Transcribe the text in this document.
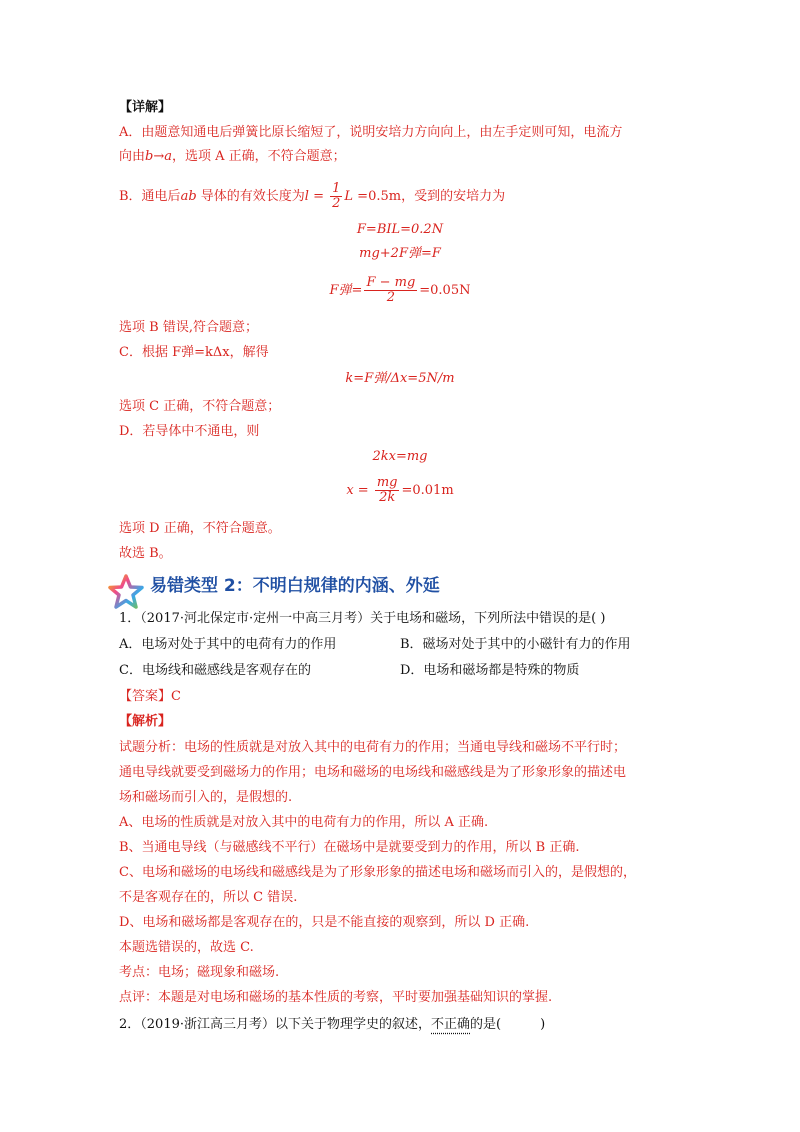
【详解】
A．由题意知通电后弹簧比原长缩短了，说明安培力方向向上，由左手定则可知，电流方
向由b→a，选项 A 正确，不符合题意；
B．通电后ab 导体的有效长度为$l = \frac{1}{2}$ L =0.5m，受到的安培力为
F=BIL=0.2N
mg+2F弹=F
F弹= $\frac{F - mg}{2} =0.05N$
选项 B 错误,符合题意；
C．根据 F弹=kΔx，解得
k=F弹/Δx=5N/m
选项 C 正确，不符合题意；
D．若导体中不通电，则
2kx=mg
$x = \frac{mg}{2k} =0.01m$
选项 D 正确，不符合题意。
故选 B。
易错类型 2：不明白规律的内涵、外延
1．（2017·河北保定市·定州一中高三月考）关于电场和磁场，下列所法中错误的是( )
A．电场对处于其中的电荷有力的作用	B．磁场对处于其中的小磁针有力的作用
C．电场线和磁感线是客观存在的	D．电场和磁场都是特殊的物质
【答案】C
【解析】
试题分析：电场的性质就是对放入其中的电荷有力的作用；当通电导线和磁场不平行时；
通电导线就要受到磁场力的作用；电场和磁场的电场线和磁感线是为了形象形象的描述电
场和磁场而引入的，是假想的.
A、电场的性质就是对放入其中的电荷有力的作用，所以 A 正确.
B、当通电导线（与磁感线不平行）在磁场中是就要受到力的作用，所以 B 正确.
C、电场和磁场的电场线和磁感线是为了形象形象的描述电场和磁场而引入的，是假想的，
不是客观存在的，所以 C 错误.
D、电场和磁场都是客观存在的，只是不能直接的观察到，所以 D 正确.
本题选错误的，故选 C.
考点：电场；磁现象和磁场.
点评：本题是对电场和磁场的基本性质的考察，平时要加强基础知识的掌握.
2．（2019·浙江高三月考）以下关于物理学史的叙述，不正确的是(　　　)
